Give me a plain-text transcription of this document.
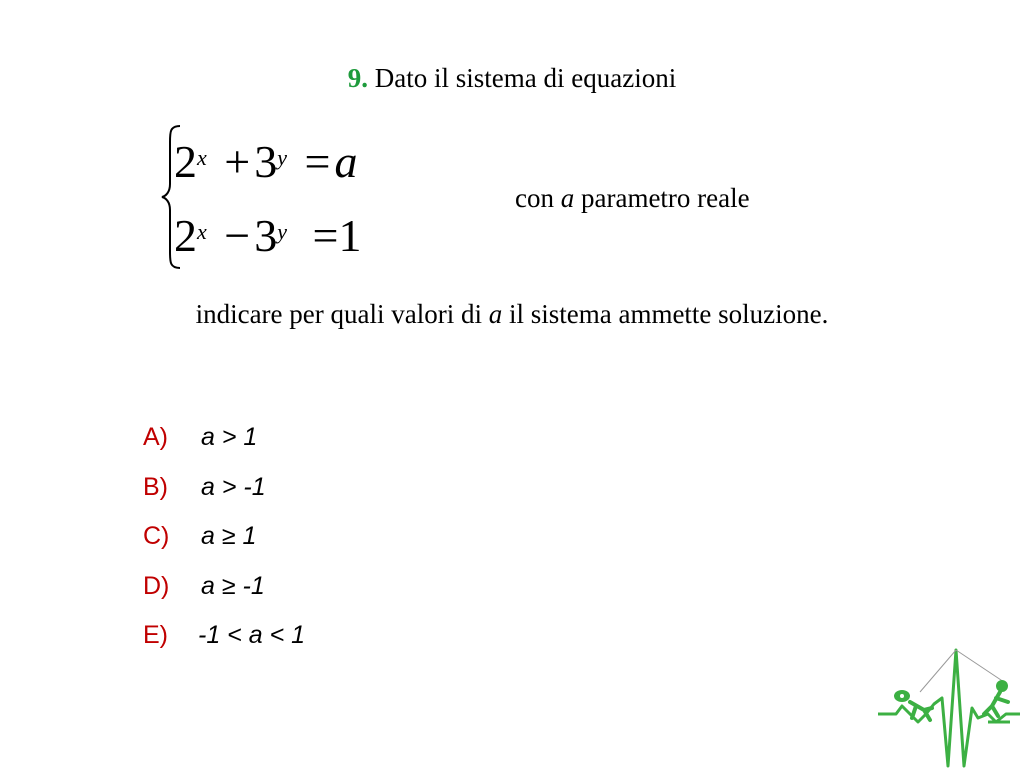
9. Dato il sistema di equazioni
$2^x +3^y =a$
$2^x -3^y =1$
con a parametro reale
indicare per quali valori di a il sistema ammette soluzione.
A) a > 1
B) a > -1
C) a ≥ 1
D) a ≥ -1
E) -1 < a < 1
